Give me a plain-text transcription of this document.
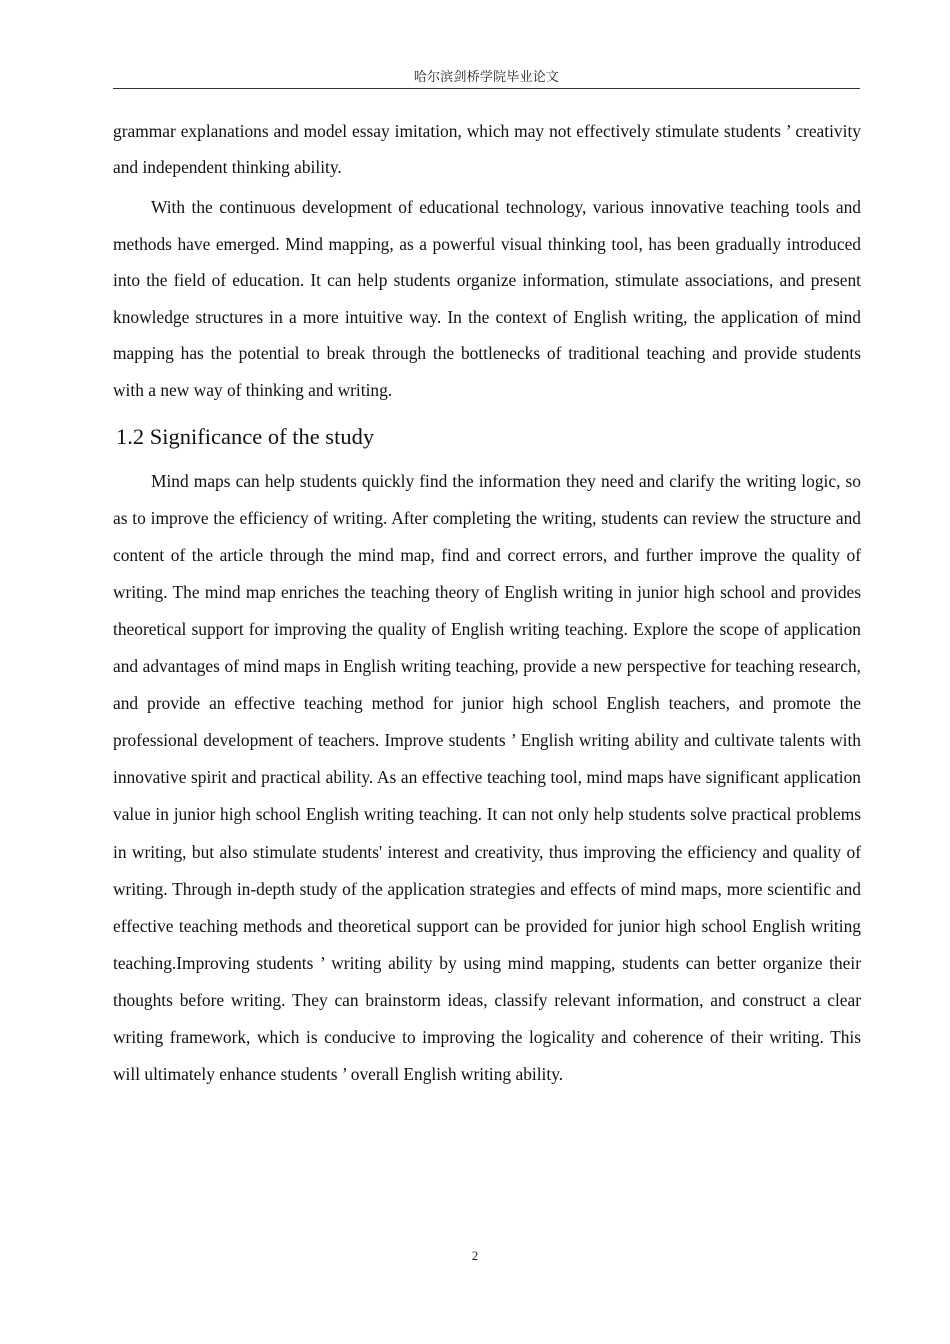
哈尔滨剑桥学院毕业论文

grammar explanations and model essay imitation, which may not effectively stimulate students ’ creativity and independent thinking ability.

With the continuous development of educational technology, various innovative teaching tools and methods have emerged. Mind mapping, as a powerful visual thinking tool, has been gradually introduced into the field of education. It can help students organize information, stimulate associations, and present knowledge structures in a more intuitive way. In the context of English writing, the application of mind mapping has the potential to break through the bottlenecks of traditional teaching and provide students with a new way of thinking and writing.

1.2 Significance of the study

Mind maps can help students quickly find the information they need and clarify the writing logic, so as to improve the efficiency of writing. After completing the writing, students can review the structure and content of the article through the mind map, find and correct errors, and further improve the quality of writing. The mind map enriches the teaching theory of English writing in junior high school and provides theoretical support for improving the quality of English writing teaching. Explore the scope of application and advantages of mind maps in English writing teaching, provide a new perspective for teaching research, and provide an effective teaching method for junior high school English teachers, and promote the professional development of teachers. Improve students ’ English writing ability and cultivate talents with innovative spirit and practical ability. As an effective teaching tool, mind maps have significant application value in junior high school English writing teaching. It can not only help students solve practical problems in writing, but also stimulate students' interest and creativity, thus improving the efficiency and quality of writing. Through in-depth study of the application strategies and effects of mind maps, more scientific and effective teaching methods and theoretical support can be provided for junior high school English writing teaching.Improving students ’ writing ability by using mind mapping, students can better organize their thoughts before writing. They can brainstorm ideas, classify relevant information, and construct a clear writing framework, which is conducive to improving the logicality and coherence of their writing. This will ultimately enhance students ’ overall English writing ability.

2
